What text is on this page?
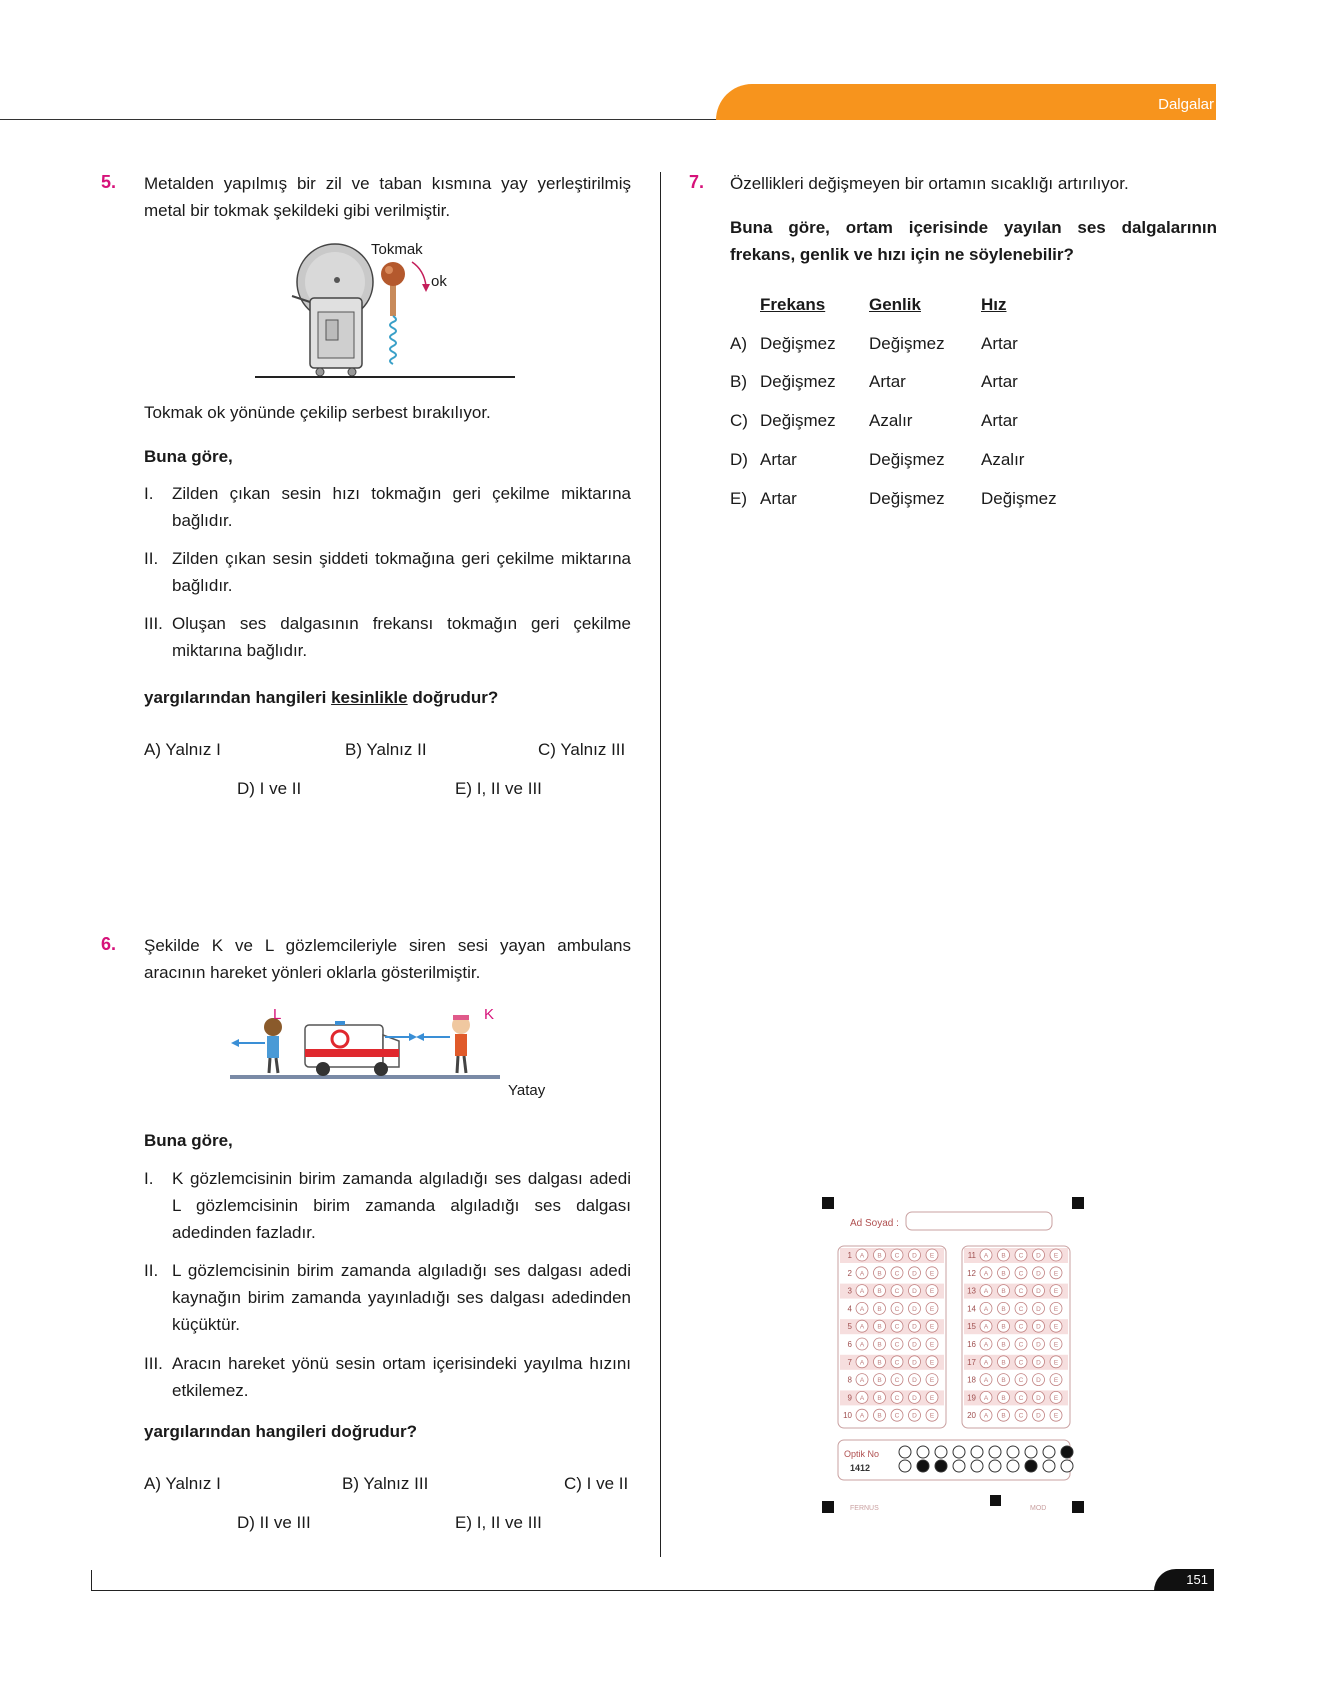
Dalgalar
5. Metalden yapılmış bir zil ve taban kısmına yay yerleştirilmiş metal bir tokmak şekildeki gibi verilmiştir.
Tokmak
ok
Tokmak ok yönünde çekilip serbest bırakılıyor.
Buna göre,
I. Zilden çıkan sesin hızı tokmağın geri çekilme miktarına bağlıdır.
II. Zilden çıkan sesin şiddeti tokmağına geri çekilme miktarına bağlıdır.
III. Oluşan ses dalgasının frekansı tokmağın geri çekilme miktarına bağlıdır.
yargılarından hangileri kesinlikle doğrudur?
A) Yalnız I	B) Yalnız II	C) Yalnız III
D) I ve II	E) I, II ve III
6. Şekilde K ve L gözlemcileriyle siren sesi yayan ambulans aracının hareket yönleri oklarla gösterilmiştir.
L	K
Yatay
Buna göre,
I. K gözlemcisinin birim zamanda algıladığı ses dalgası adedi L gözlemcisinin birim zamanda algıladığı ses dalgası adedinden fazladır.
II. L gözlemcisinin birim zamanda algıladığı ses dalgası adedi kaynağın birim zamanda yayınladığı ses dalgası adedinden küçüktür.
III. Aracın hareket yönü sesin ortam içerisindeki yayılma hızını etkilemez.
yargılarından hangileri doğrudur?
A) Yalnız I	B) Yalnız III	C) I ve II
D) II ve III	E) I, II ve III
7. Özellikleri değişmeyen bir ortamın sıcaklığı artırılıyor.
Buna göre, ortam içerisinde yayılan ses dalgalarının frekans, genlik ve hızı için ne söylenebilir?
Frekans	Genlik	Hız
A) Değişmez Değişmez Artar
B) Değişmez Artar	Artar
C) Değişmez Azalır	Artar
D) Artar	Değişmez Azalır
E) Artar	Değişmez Değişmez
1 A B C D E
2 A B C D E
3 A B C D E
4 A B C D E
5 A B C D E
6 A B C D E
7 A B C D E
8 A B C D E
9 A B C D E
10 A B C D E
11 A B C D E
12 A B C D E
13 A B C D E
14 A B C D E
15 A B C D E
16 A B C D E
17 A B C D E
18 A B C D E
19 A B C D E
20 A B C D E
Ad Soyad :
Optik No
1412
FERNUS	MOD
151
